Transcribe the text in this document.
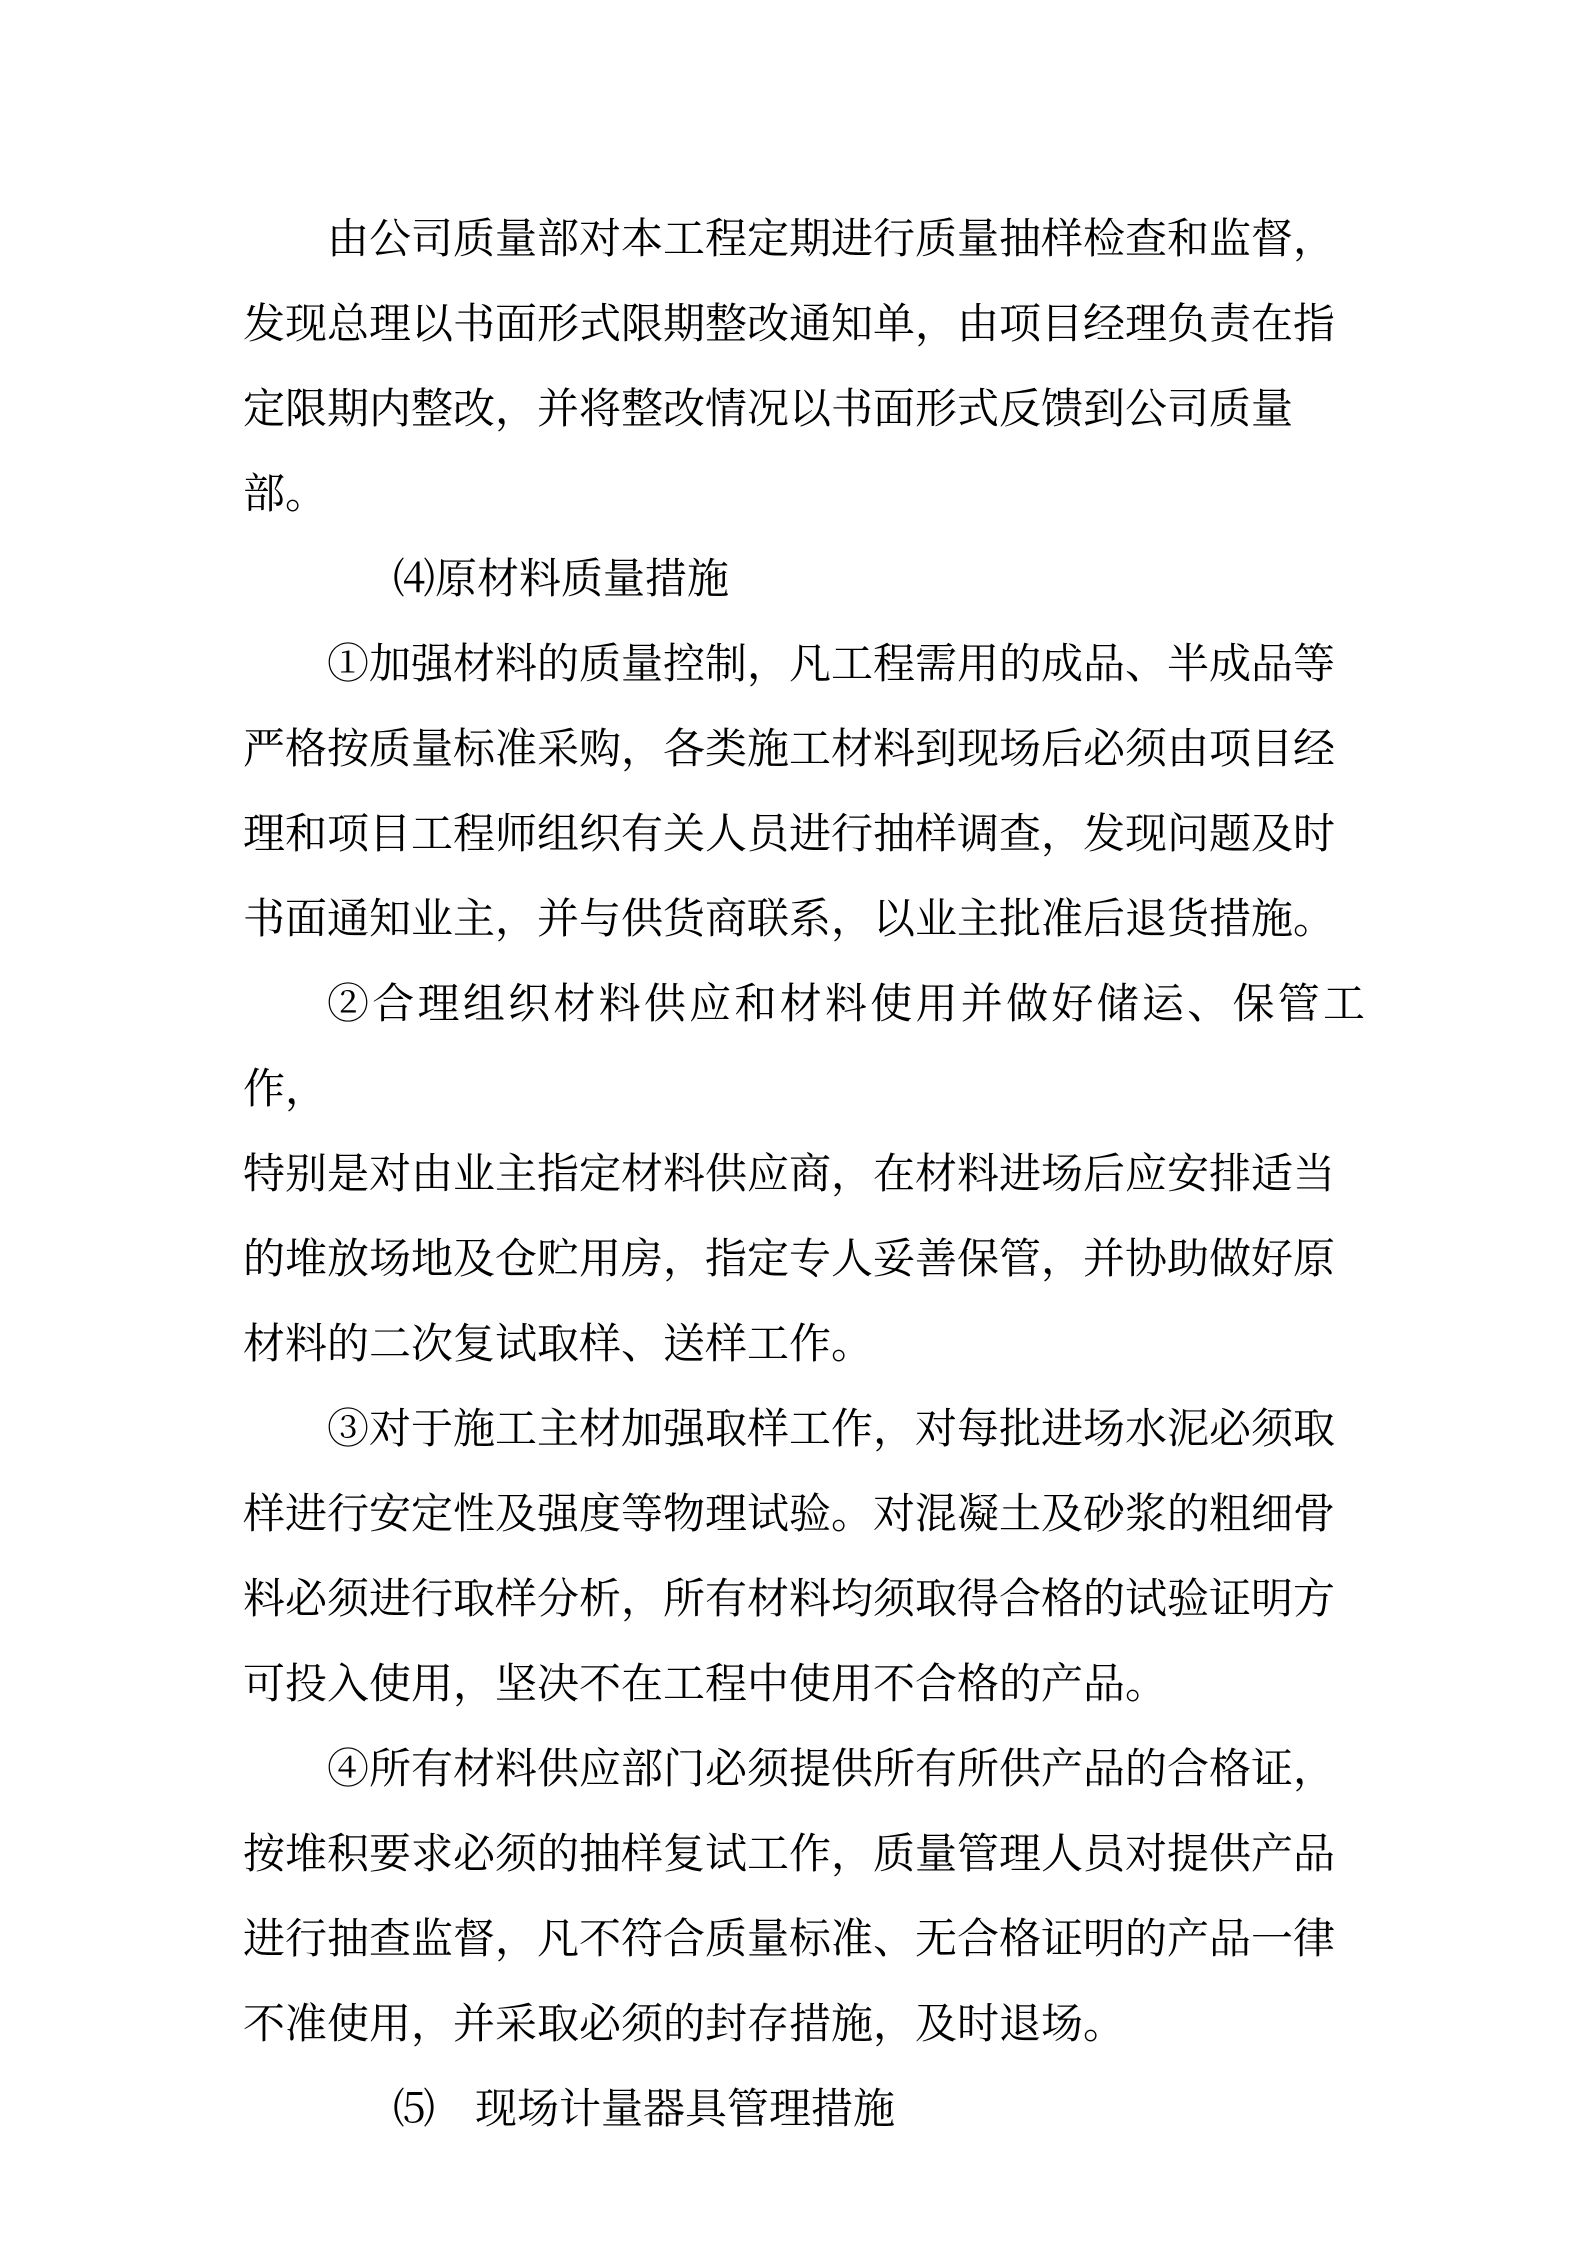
由公司质量部对本工程定期进行质量抽样检查和监督，
发现总理以书面形式限期整改通知单，由项目经理负责在指
定限期内整改，并将整改情况以书面形式反馈到公司质量
部。

⑷原材料质量措施

①加强材料的质量控制，凡工程需用的成品、半成品等
严格按质量标准采购，各类施工材料到现场后必须由项目经
理和项目工程师组织有关人员进行抽样调查，发现问题及时
书面通知业主，并与供货商联系，以业主批准后退货措施。

②合理组织材料供应和材料使用并做好储运、保管工作，
特别是对由业主指定材料供应商，在材料进场后应安排适当
的堆放场地及仓贮用房，指定专人妥善保管，并协助做好原
材料的二次复试取样、送样工作。

③对于施工主材加强取样工作，对每批进场水泥必须取
样进行安定性及强度等物理试验。对混凝土及砂浆的粗细骨
料必须进行取样分析，所有材料均须取得合格的试验证明方
可投入使用，坚决不在工程中使用不合格的产品。

④所有材料供应部门必须提供所有所供产品的合格证，
按堆积要求必须的抽样复试工作，质量管理人员对提供产品
进行抽查监督，凡不符合质量标准、无合格证明的产品一律
不准使用，并采取必须的封存措施，及时退场。

⑸ 现场计量器具管理措施
